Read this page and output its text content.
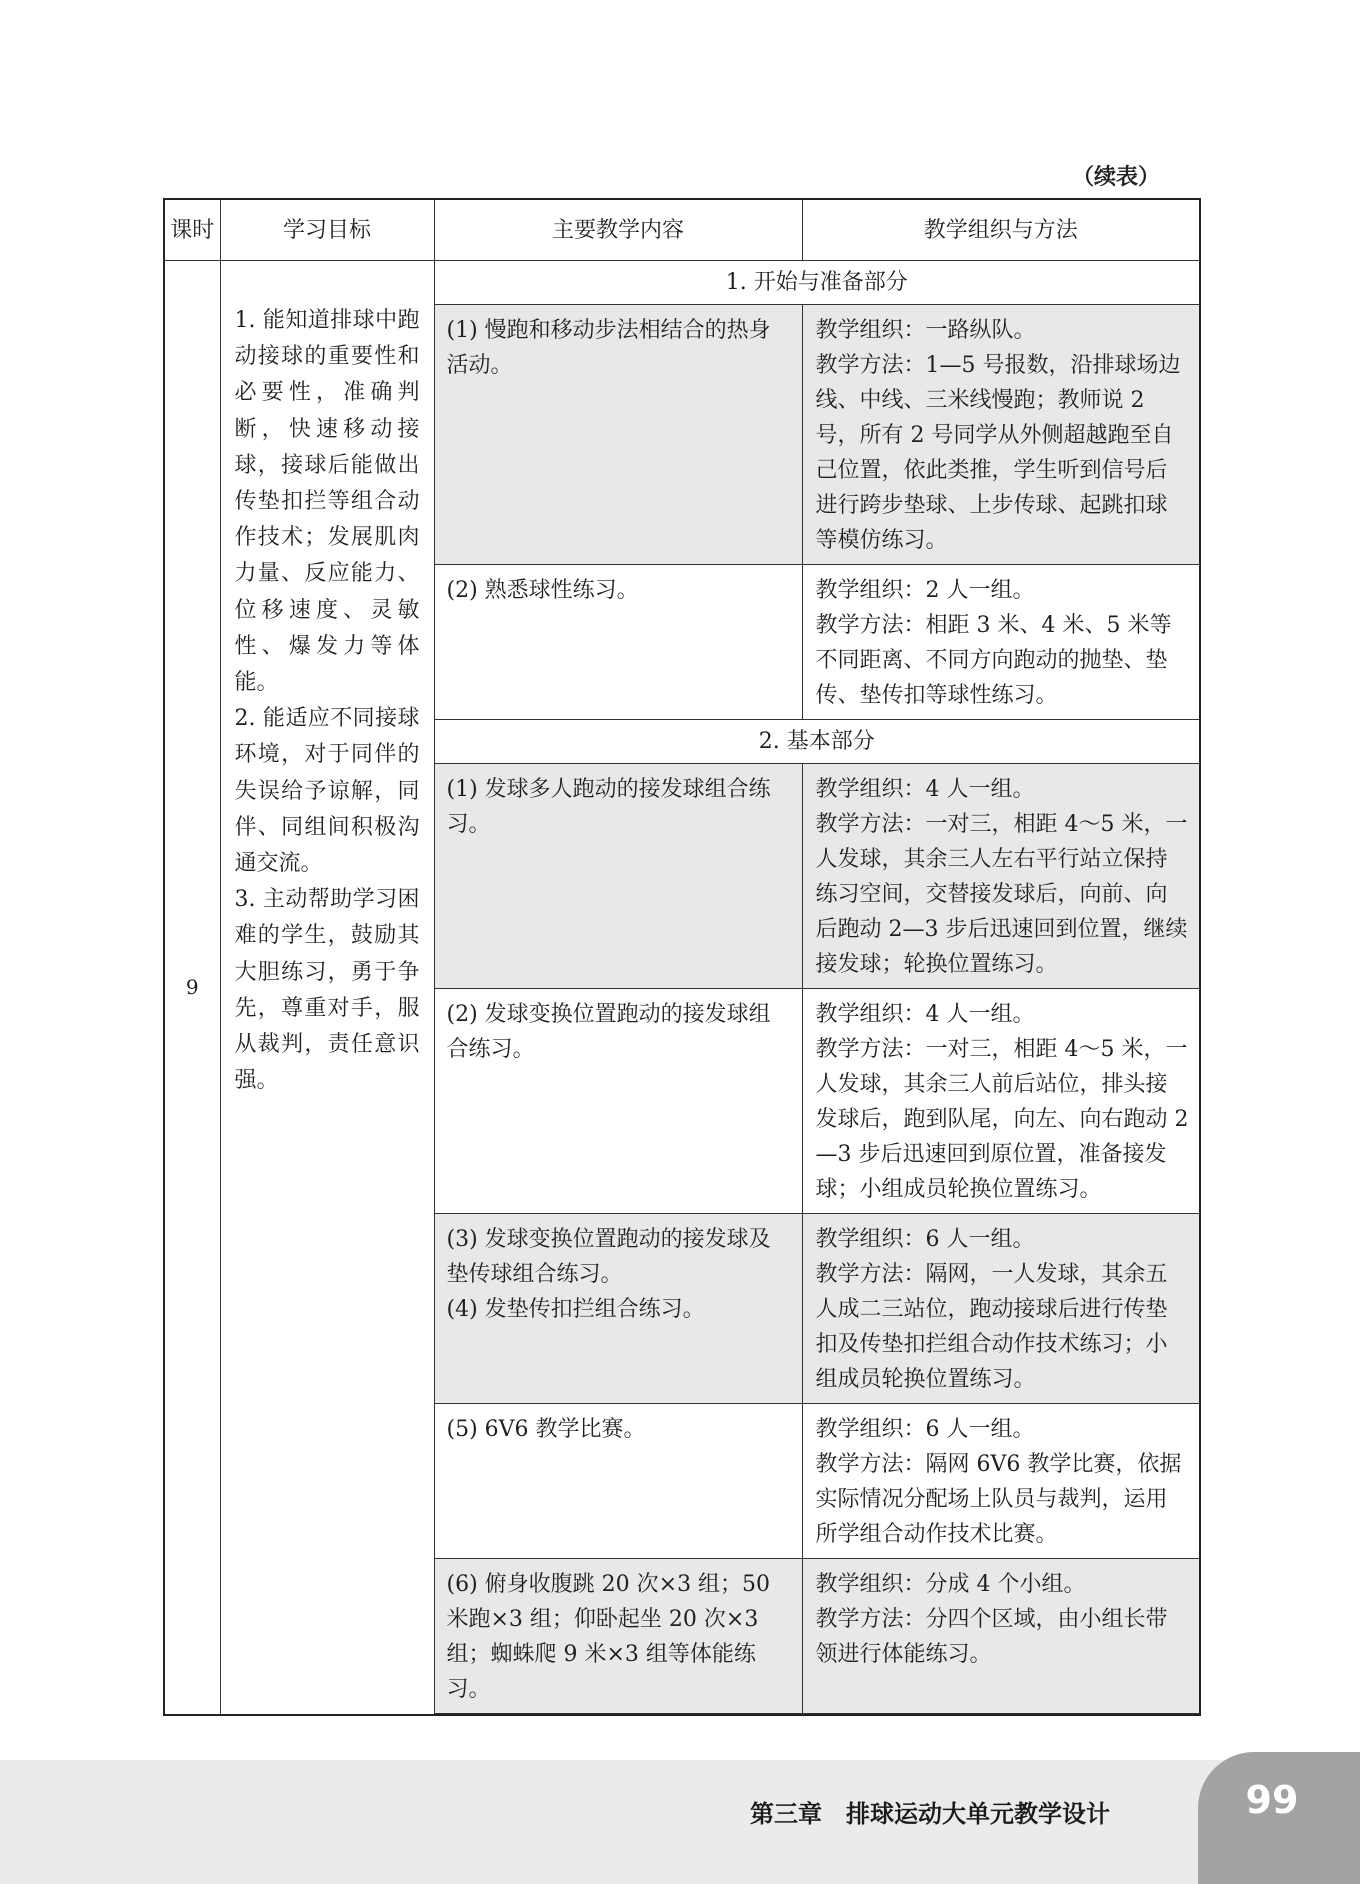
（续表）
课时	学习目标	主要教学内容	教学组织与方法
9	1. 能知道排球中跑动接球的重要性和必要性，准确判断，快速移动接球，接球后能做出传垫扣拦等组合动作技术；发展肌肉力量、反应能力、位移速度、灵敏性、爆发力等体能。
2. 能适应不同接球环境，对于同伴的失误给予谅解，同伴、同组间积极沟通交流。
3. 主动帮助学习困难的学生，鼓励其大胆练习，勇于争先，尊重对手，服从裁判，责任意识强。	1. 开始与准备部分	

		(1) 慢跑和移动步法相结合的热身活动。	教学组织：一路纵队。
教学方法：1—5 号报数，沿排球场边线、中线、三米线慢跑；教师说 2 号，所有 2 号同学从外侧超越跑至自己位置，依此类推，学生听到信号后进行跨步垫球、上步传球、起跳扣球等模仿练习。

		(2) 熟悉球性练习。	教学组织：2 人一组。
教学方法：相距 3 米、4 米、5 米等不同距离、不同方向跑动的抛垫、垫传、垫传扣等球性练习。

		2. 基本部分	

		(1) 发球多人跑动的接发球组合练习。	教学组织：4 人一组。
教学方法：一对三，相距 4～5 米，一人发球，其余三人左右平行站立保持练习空间，交替接发球后，向前、向后跑动 2—3 步后迅速回到位置，继续接发球；轮换位置练习。

		(2) 发球变换位置跑动的接发球组合练习。	教学组织：4 人一组。
教学方法：一对三，相距 4～5 米，一人发球，其余三人前后站位，排头接发球后，跑到队尾，向左、向右跑动 2—3 步后迅速回到原位置，准备接发球；小组成员轮换位置练习。

		(3) 发球变换位置跑动的接发球及垫传球组合练习。
(4) 发垫传扣拦组合练习。	教学组织：6 人一组。
教学方法：隔网，一人发球，其余五人成二三站位，跑动接球后进行传垫扣及传垫扣拦组合动作技术练习；小组成员轮换位置练习。

		(5) 6V6 教学比赛。	教学组织：6 人一组。
教学方法：隔网 6V6 教学比赛，依据实际情况分配场上队员与裁判，运用所学组合动作技术比赛。

		(6) 俯身收腹跳 20 次×3 组；50 米跑×3 组；仰卧起坐 20 次×3 组；蜘蛛爬 9 米×3 组等体能练习。	教学组织：分成 4 个小组。
教学方法：分四个区域，由小组长带领进行体能练习。

第三章　排球运动大单元教学设计	99
